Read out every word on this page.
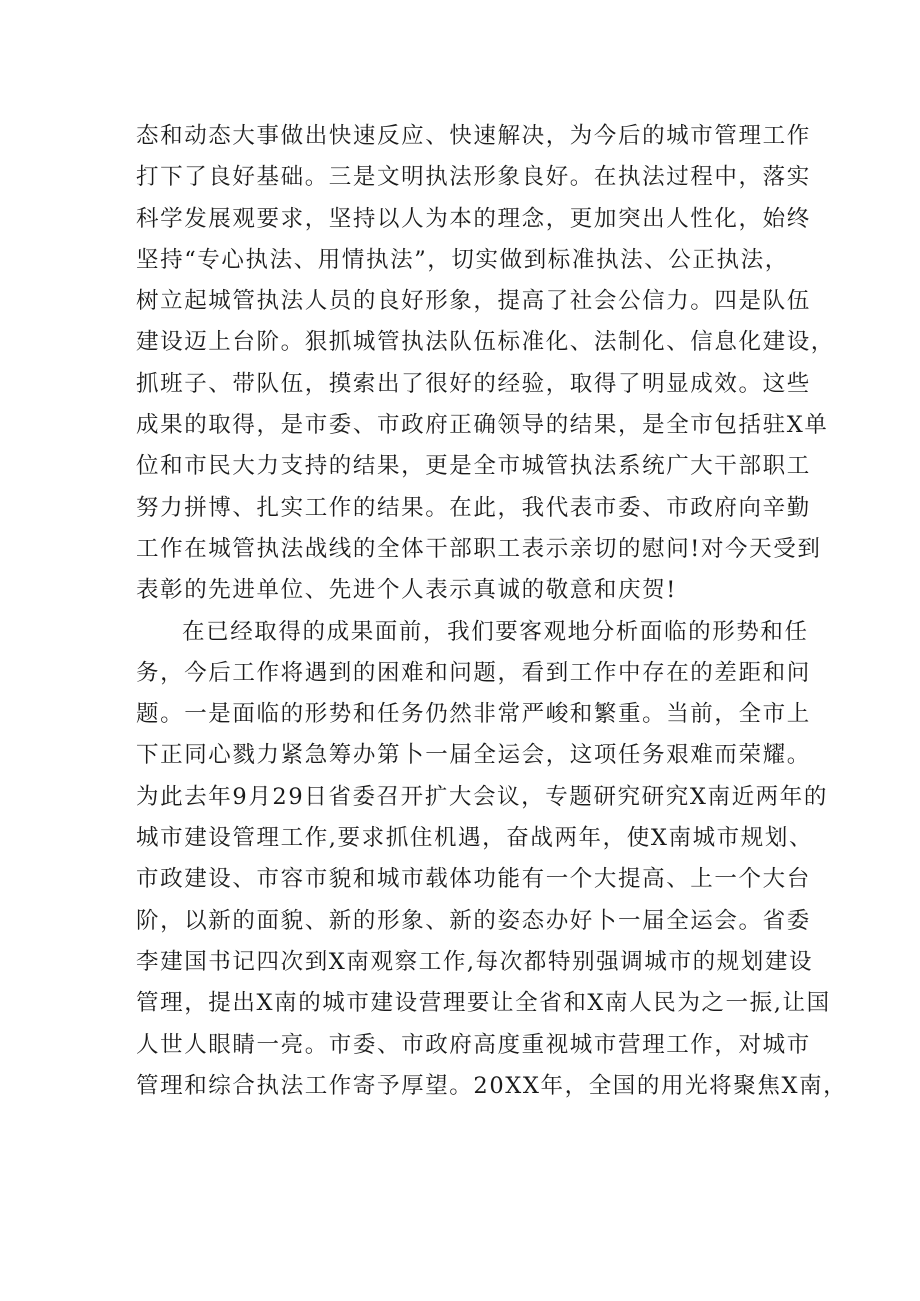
态和动态大事做出快速反应、快速解决，为今后的城市管理工作
打下了良好基础。三是文明执法形象良好。在执法过程中，落实
科学发展观要求，坚持以人为本的理念，更加突出人性化，始终
坚持“专心执法、用情执法”，切实做到标准执法、公正执法，
树立起城管执法人员的良好形象，提高了社会公信力。四是队伍
建设迈上台阶。狠抓城管执法队伍标准化、法制化、信息化建设，
抓班子、带队伍，摸索出了很好的经验，取得了明显成效。这些
成果的取得，是市委、市政府正确领导的结果，是全市包括驻X单
位和市民大力支持的结果，更是全市城管执法系统广大干部职工
努力拼博、扎实工作的结果。在此，我代表市委、市政府向辛勤
工作在城管执法战线的全体干部职工表示亲切的慰问!对今天受到
表彰的先进单位、先进个人表示真诚的敬意和庆贺!
在已经取得的成果面前，我们要客观地分析面临的形势和任
务，今后工作将遇到的困难和问题，看到工作中存在的差距和问
题。一是面临的形势和任务仍然非常严峻和繁重。当前，全市上
下正同心戮力紧急筹办第卜一届全运会，这项任务艰难而荣耀。
为此去年9月29日省委召开扩大会议，专题研究研究X南近两年的
城市建设管理工作,要求抓住机遇，奋战两年，使X南城市规划、
市政建设、市容市貌和城市载体功能有一个大提高、上一个大台
阶，以新的面貌、新的形象、新的姿态办好卜一届全运会。省委
李建国书记四次到X南观察工作,每次都特别强调城市的规划建设
管理，提出X南的城市建设营理要让全省和X南人民为之一振,让国
人世人眼睛一亮。市委、市政府高度重视城市营理工作，对城市
管理和综合执法工作寄予厚望。20XX年，全国的用光将聚焦X南，
